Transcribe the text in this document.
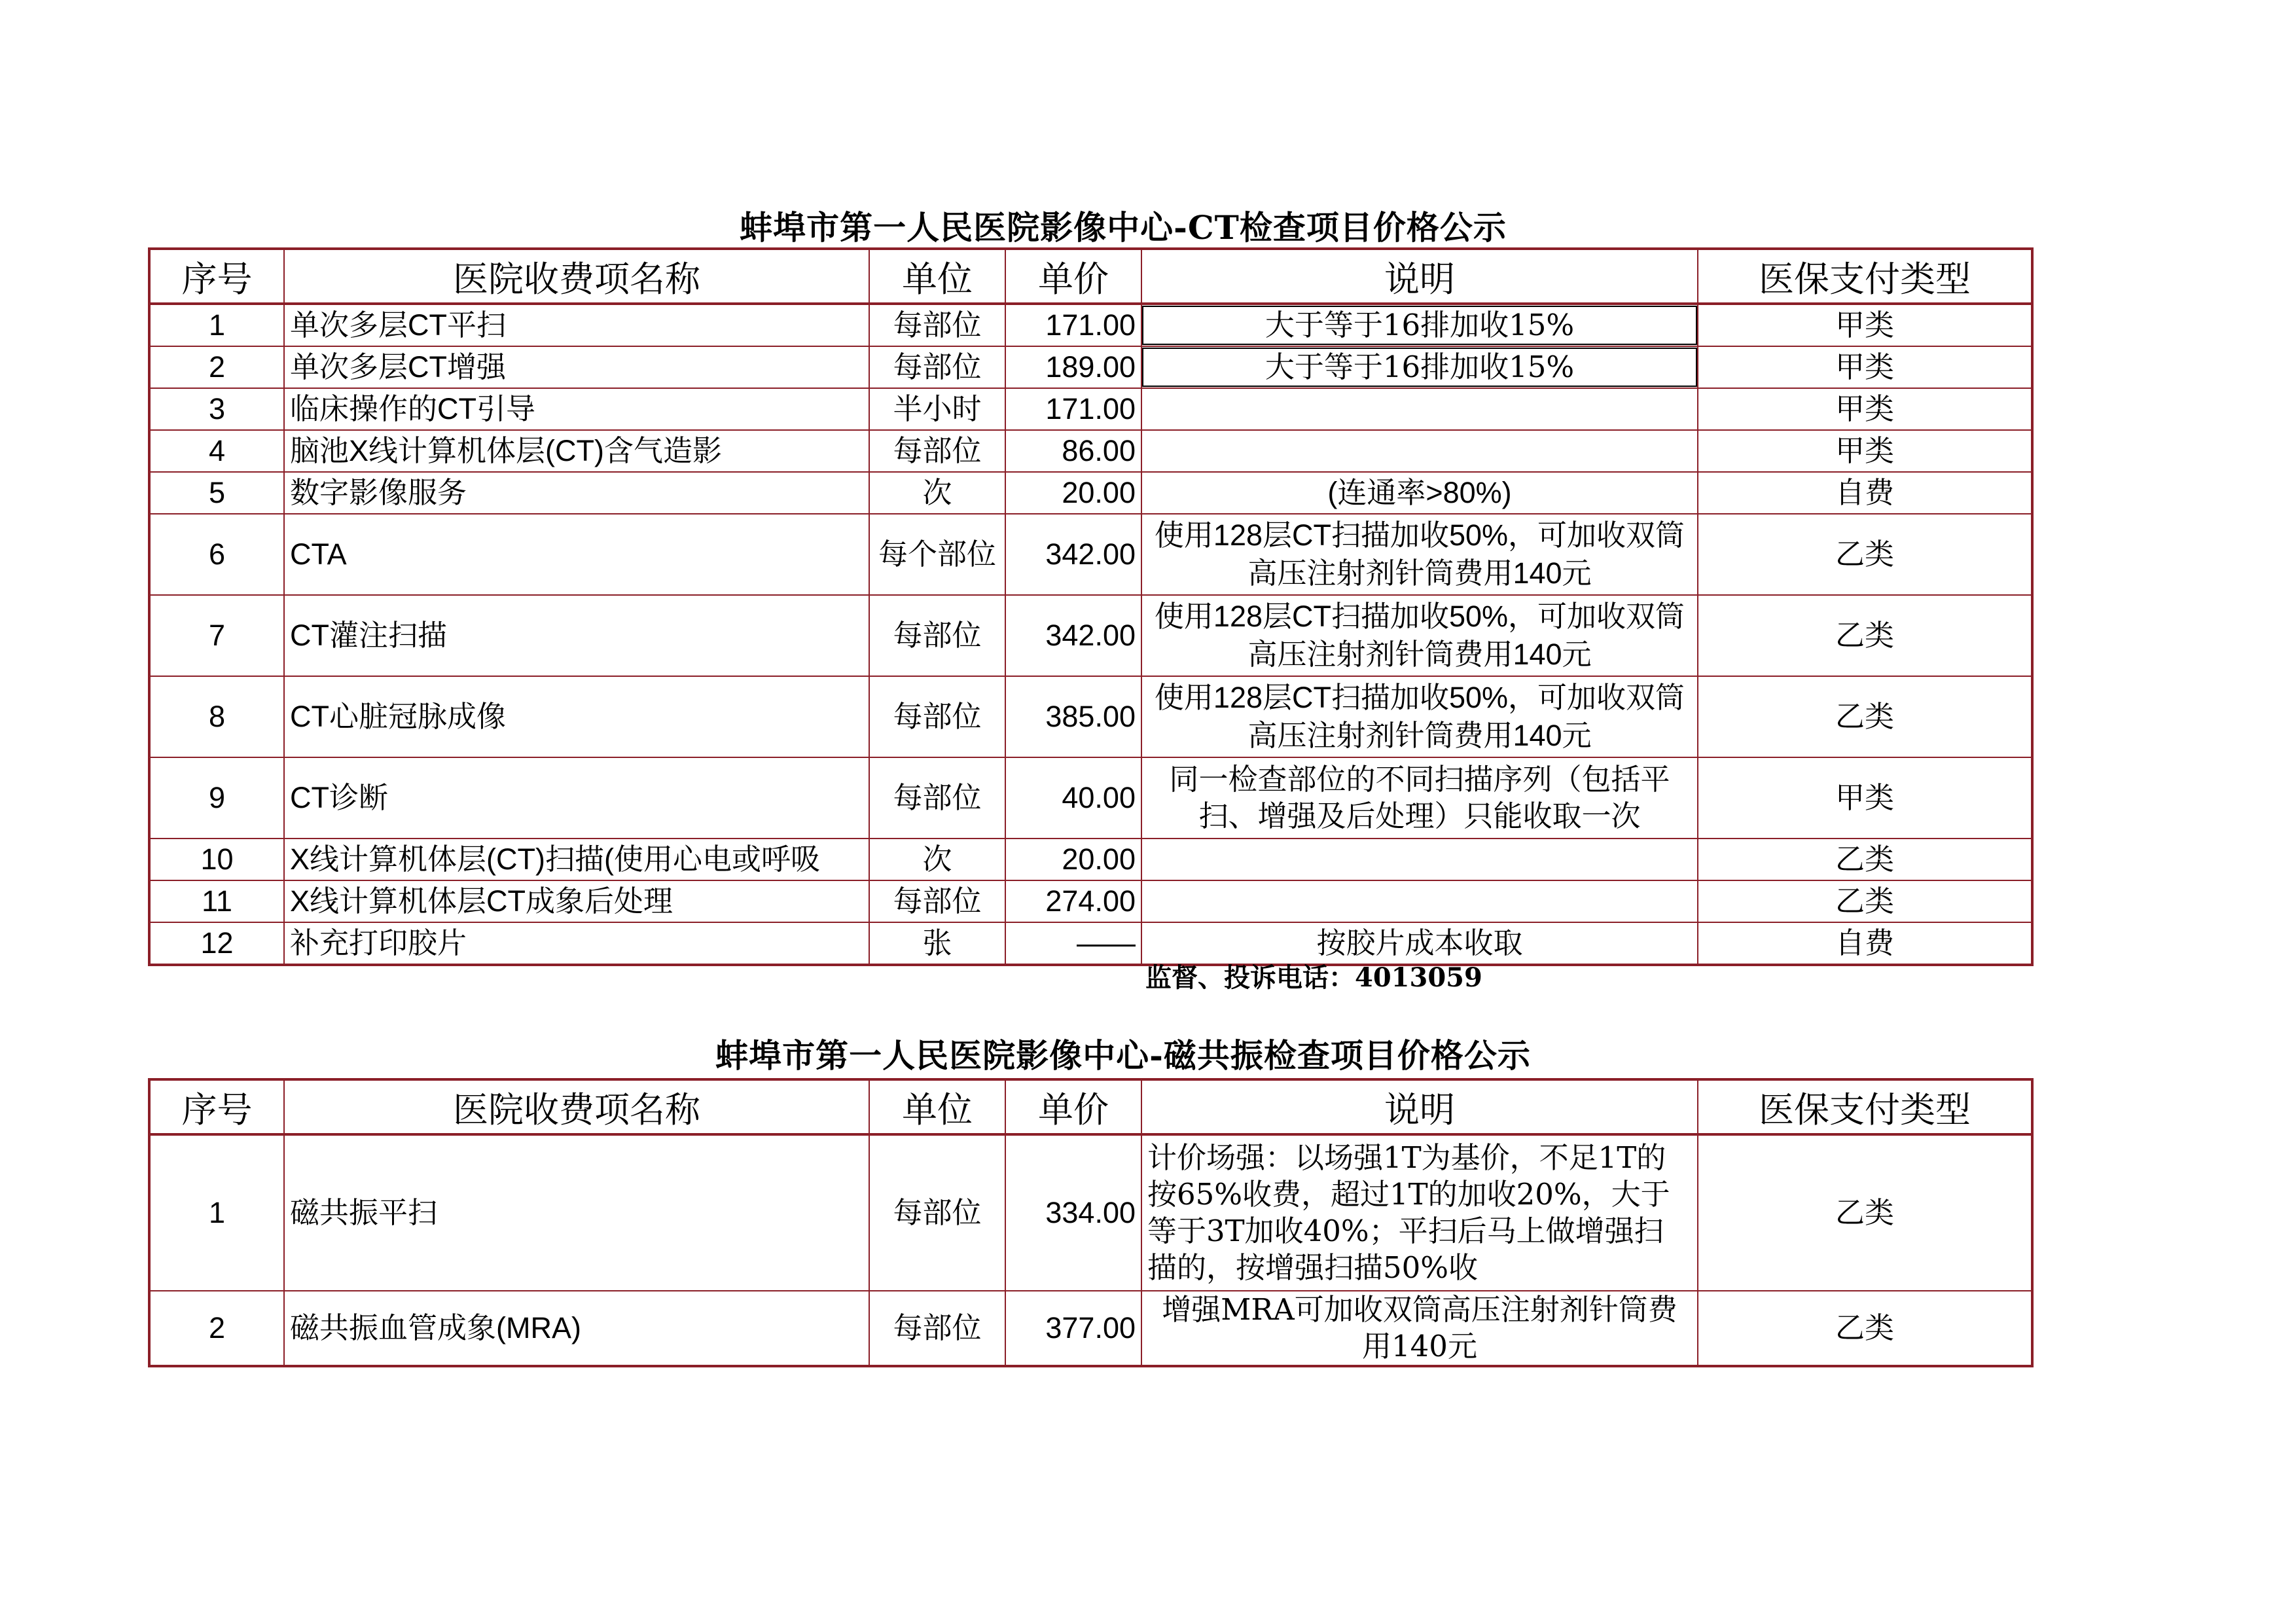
蚌埠市第一人民医院影像中心-CT检查项目价格公示
序号	医院收费项名称	单位	单价	说明	医保支付类型
1	单次多层CT平扫	每部位	171.00	大于等于16排加收15%	甲类
2	单次多层CT增强	每部位	189.00	大于等于16排加收15%	甲类
3	临床操作的CT引导	半小时	171.00		甲类
4	脑池X线计算机体层(CT)含气造影	每部位	86.00		甲类
5	数字影像服务	次	20.00	(连通率>80%)	自费
6	CTA	每个部位	342.00	使用128层CT扫描加收50%，可加收双筒高压注射剂针筒费用140元	乙类
7	CT灌注扫描	每部位	342.00	使用128层CT扫描加收50%，可加收双筒高压注射剂针筒费用140元	乙类
8	CT心脏冠脉成像	每部位	385.00	使用128层CT扫描加收50%，可加收双筒高压注射剂针筒费用140元	乙类
9	CT诊断	每部位	40.00	同一检查部位的不同扫描序列（包括平扫、增强及后处理）只能收取一次	甲类
10	X线计算机体层(CT)扫描(使用心电或呼吸	次	20.00		乙类
11	X线计算机体层CT成象后处理	每部位	274.00		乙类
12	补充打印胶片	张	——	按胶片成本收取	自费
监督、投诉电话：4013059
蚌埠市第一人民医院影像中心-磁共振检查项目价格公示
序号	医院收费项名称	单位	单价	说明	医保支付类型
1	磁共振平扫	每部位	334.00	计价场强：以场强1T为基价，不足1T的按65%收费，超过1T的加收20%，大于等于3T加收40%；平扫后马上做增强扫描的，按增强扫描50%收	乙类
2	磁共振血管成象(MRA)	每部位	377.00	增强MRA可加收双筒高压注射剂针筒费用140元	乙类
